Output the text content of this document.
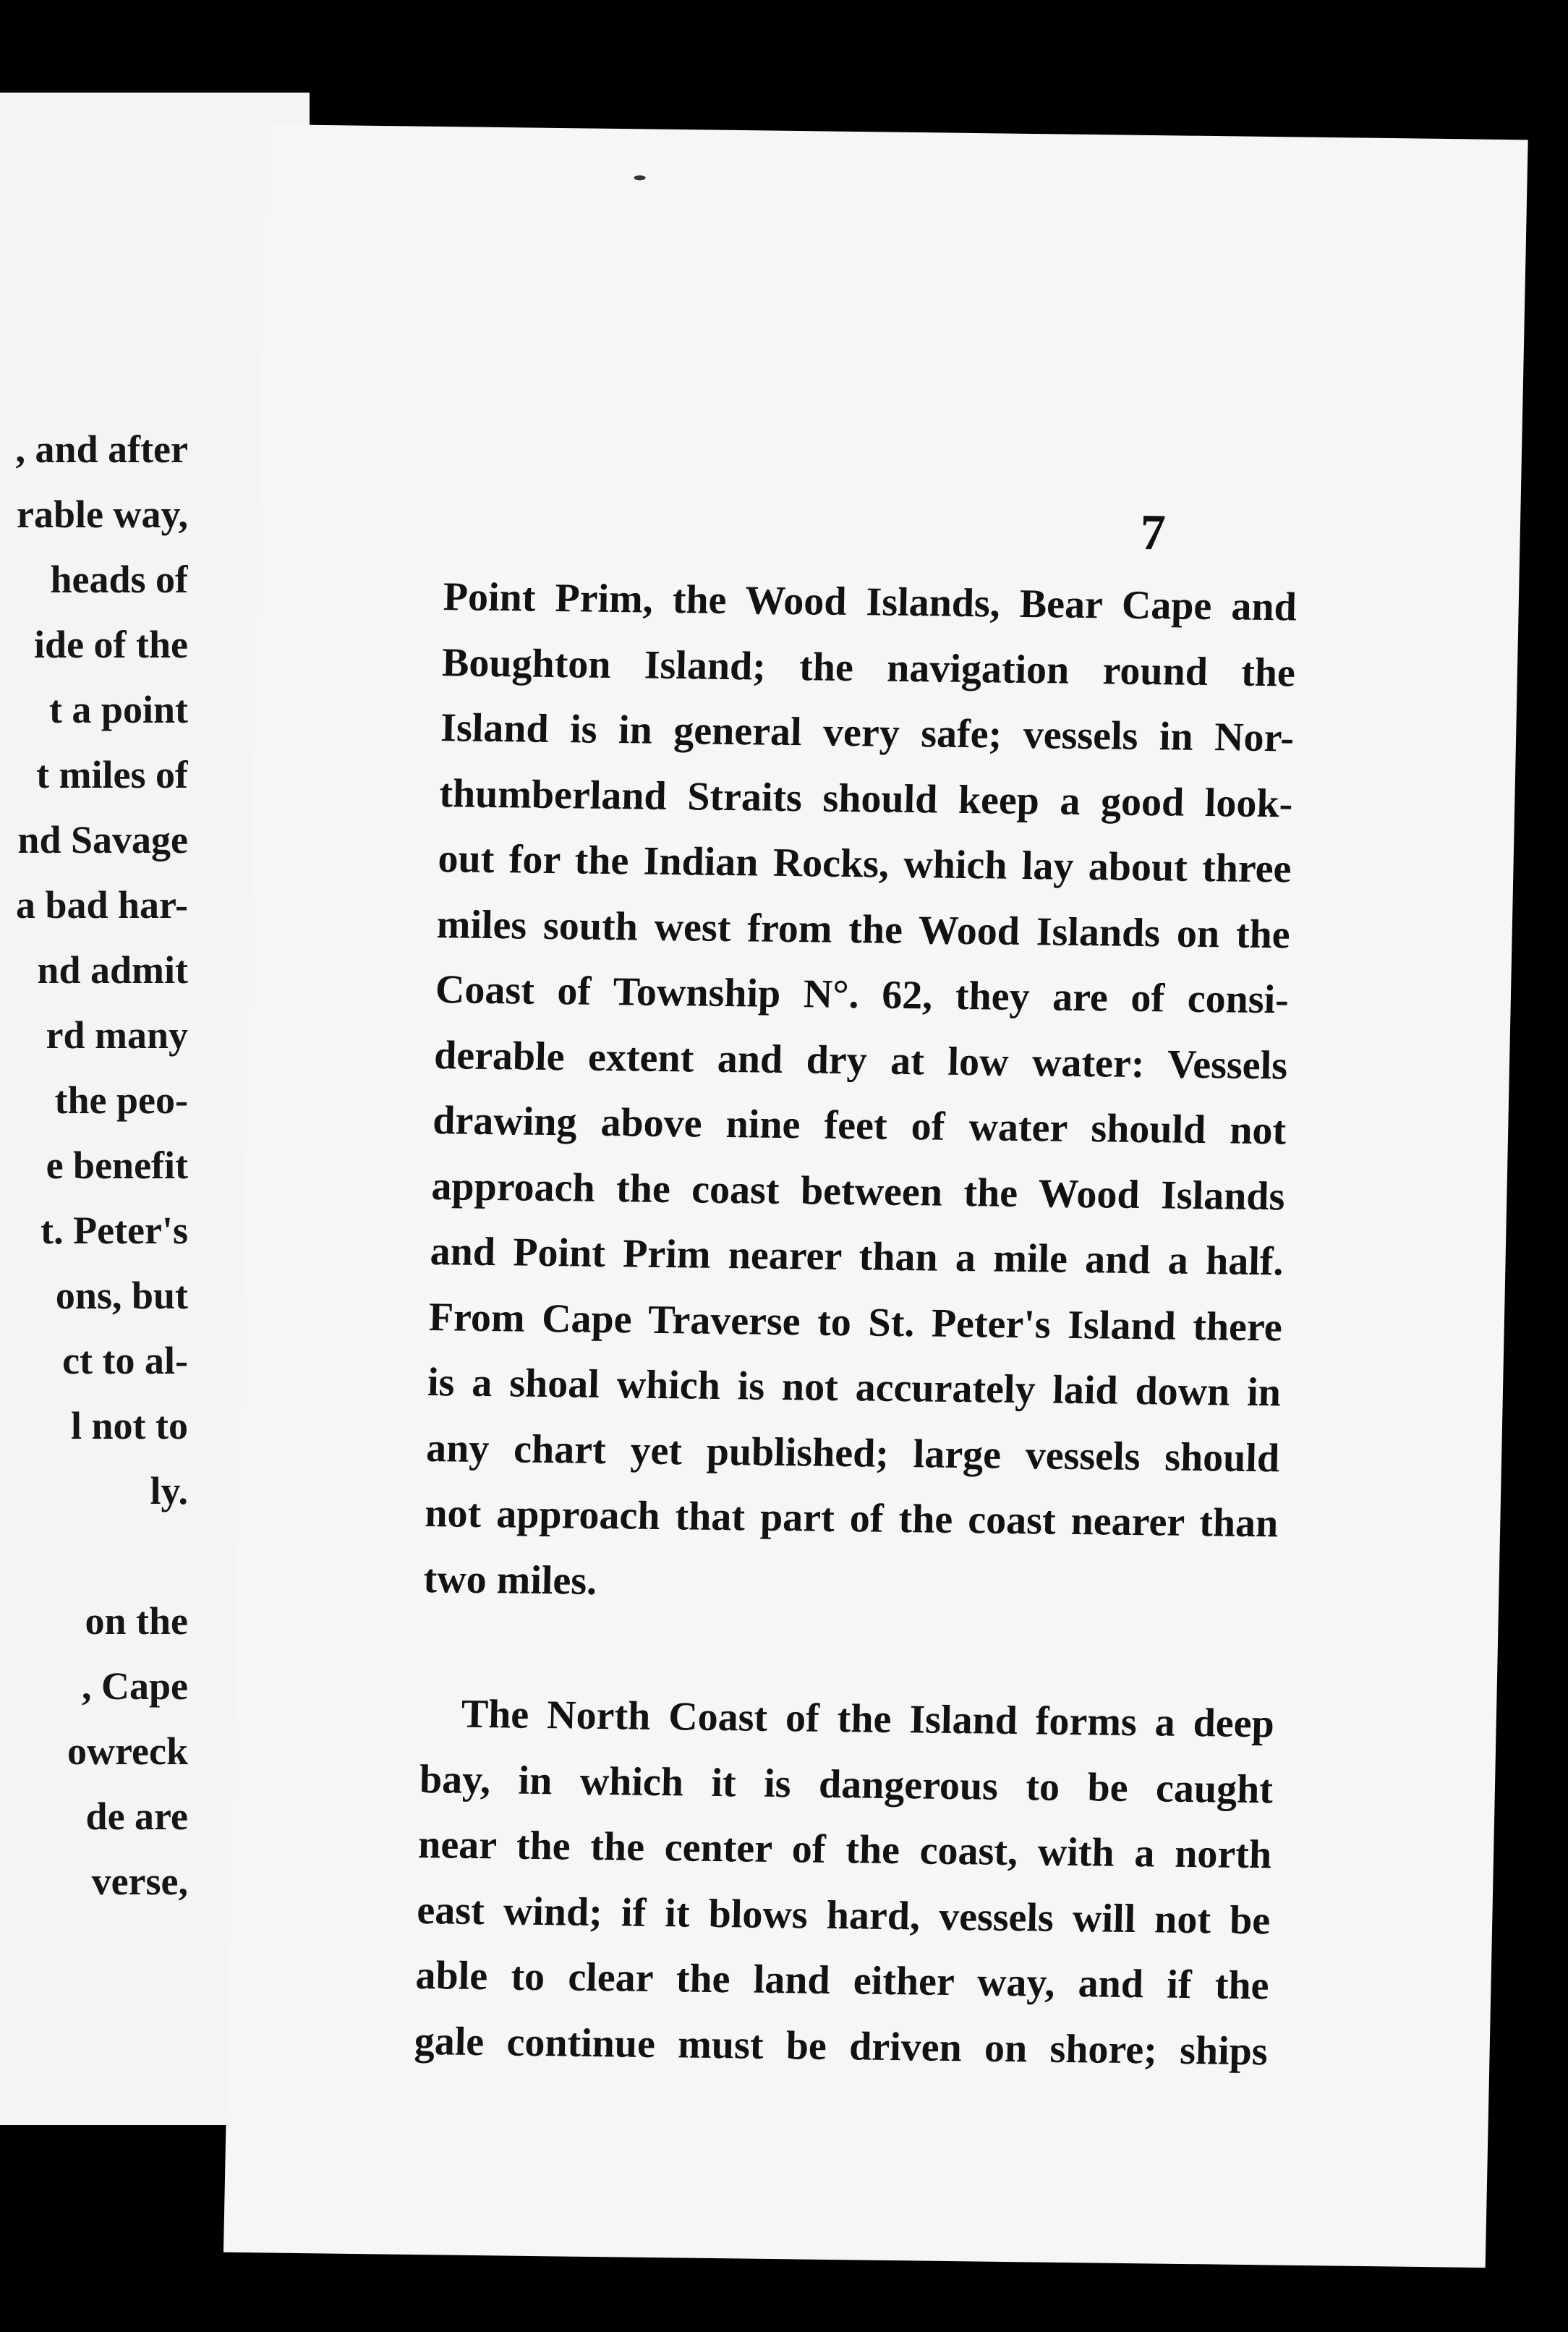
, and after
rable way,
heads of
ide of the
t a point
t miles of
nd Savage
a bad har-
nd admit
rd many
the peo-
e benefit
t. Peter's
ons, but
ct to al-
l not to
ly.
on the
, Cape
owreck
de are
verse,
7
Point Prim, the Wood Islands, Bear Cape and
Boughton Island; the navigation round the
Island is in general very safe; vessels in Nor-
thumberland Straits should keep a good look-
out for the Indian Rocks, which lay about three
miles south west from the Wood Islands on the
Coast of Township N°. 62, they are of consi-
derable extent and dry at low water: Vessels
drawing above nine feet of water should not
approach the coast between the Wood Islands
and Point Prim nearer than a mile and a half.
From Cape Traverse to St. Peter's Island there
is a shoal which is not accurately laid down in
any chart yet published; large vessels should
not approach that part of the coast nearer than
two miles.
The North Coast of the Island forms a deep
bay, in which it is dangerous to be caught
near the the center of the coast, with a north
east wind; if it blows hard, vessels will not be
able to clear the land either way, and if the
gale continue must be driven on shore; ships
